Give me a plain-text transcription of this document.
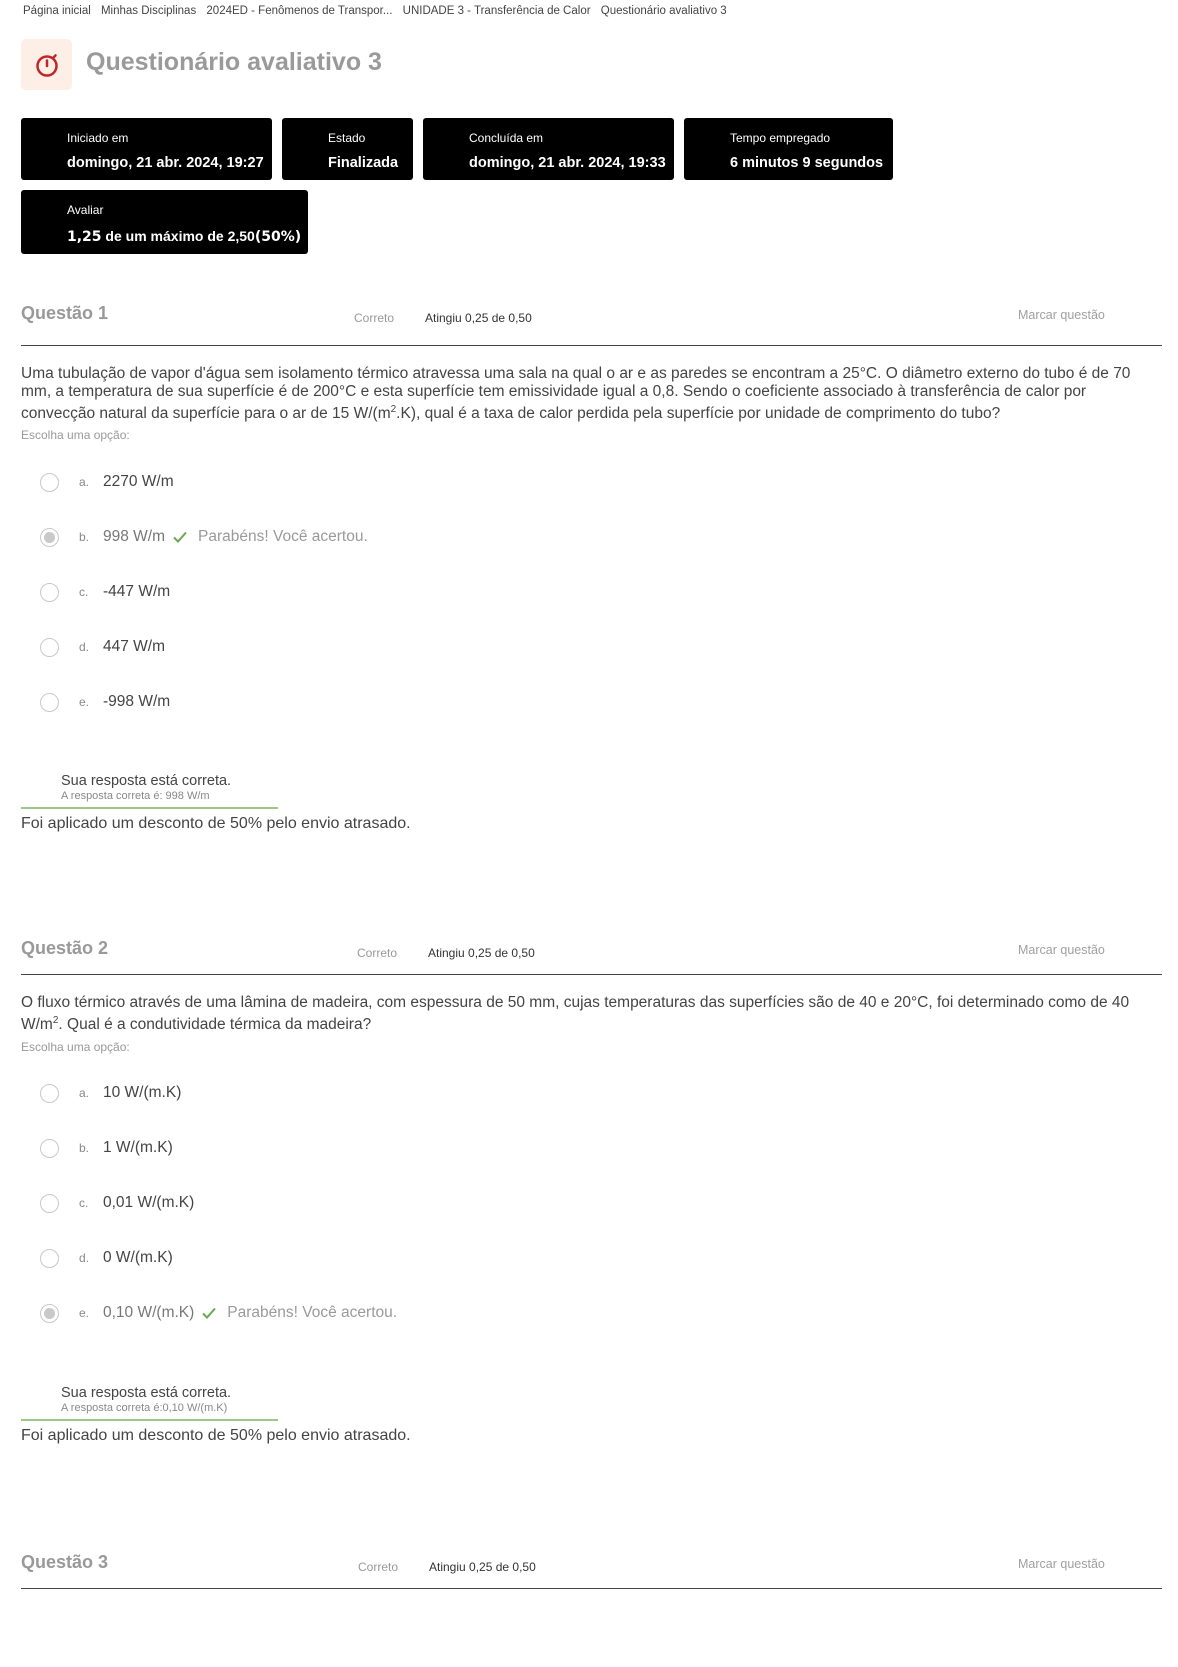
Página inicial Minhas Disciplinas 2024ED - Fenômenos de Transpor... UNIDADE 3 - Transferência de Calor Questionário avaliativo 3
Questionário avaliativo 3
Iniciado em
domingo, 21 abr. 2024, 19:27
Estado
Finalizada
Concluída em
domingo, 21 abr. 2024, 19:33
Tempo empregado
6 minutos 9 segundos
Avaliar
1,25 de um máximo de 2,50(50%)
Questão 1	Correto	Atingiu 0,25 de 0,50	Marcar questão
Uma tubulação de vapor d'água sem isolamento térmico atravessa uma sala na qual o ar e as paredes se encontram a 25°C. O diâmetro externo do tubo é de 70 mm, a temperatura de sua superfície é de 200°C e esta superfície tem emissividade igual a 0,8. Sendo o coeficiente associado à transferência de calor por convecção natural da superfície para o ar de 15 $W/(m^2.K)$, qual é a taxa de calor perdida pela superfície por unidade de comprimento do tubo?
Escolha uma opção:
a. 2270 W/m
b. 998 W/m Parabéns! Você acertou.
c. -447 W/m
d. 447 W/m
e. -998 W/m
Sua resposta está correta.
A resposta correta é: 998 W/m
Foi aplicado um desconto de 50% pelo envio atrasado.
Questão 2	Correto	Atingiu 0,25 de 0,50	Marcar questão
O fluxo térmico através de uma lâmina de madeira, com espessura de 50 mm, cujas temperaturas das superfícies são de 40 e 20°C, foi determinado como de 40 $W/m^2$. Qual é a condutividade térmica da madeira?
Escolha uma opção:
a. 10 W/(m.K)
b. 1 W/(m.K)
c. 0,01 W/(m.K)
d. 0 W/(m.K)
e. 0,10 W/(m.K) Parabéns! Você acertou.
Sua resposta está correta.
A resposta correta é:0,10 W/(m.K)
Foi aplicado um desconto de 50% pelo envio atrasado.
Questão 3	Correto	Atingiu 0,25 de 0,50	Marcar questão
